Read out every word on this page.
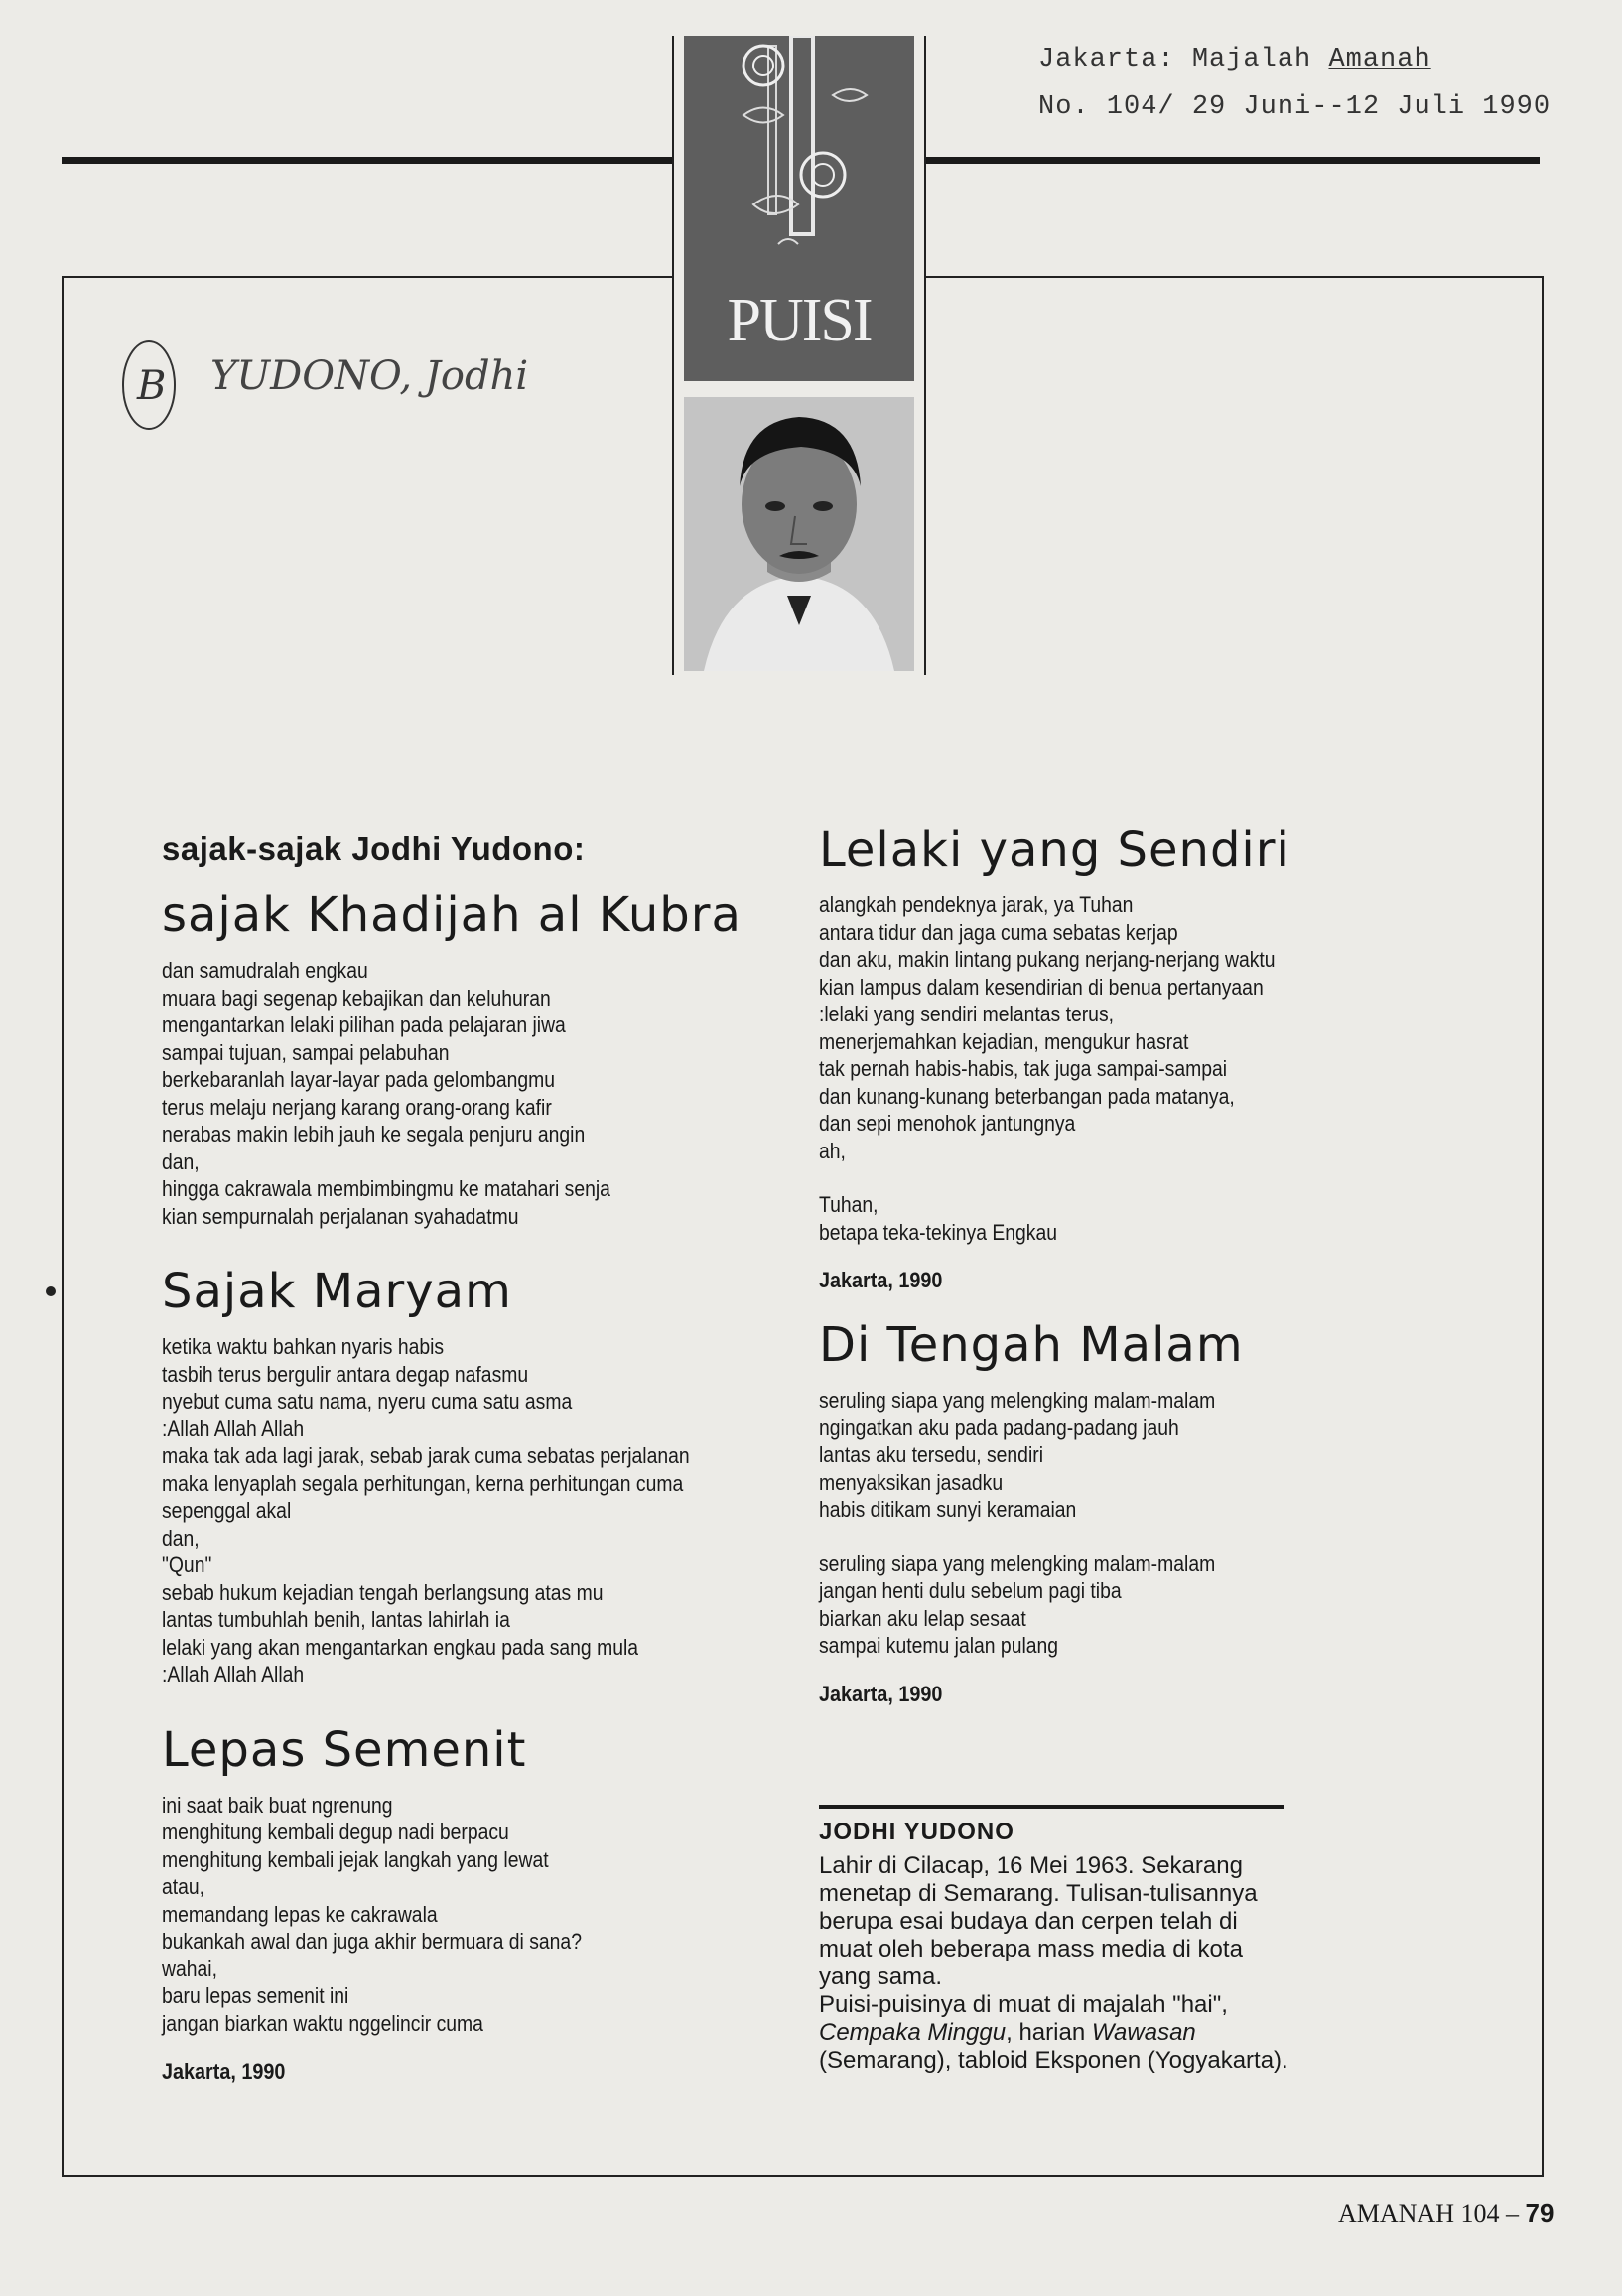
Jakarta: Majalah Amanah
No. 104/ 29 Juni--12 Juli 1990
PUISI
B YUDONO, Jodhi
sajak-sajak Jodhi Yudono:
sajak Khadijah al Kubra
dan samudralah engkau
muara bagi segenap kebajikan dan keluhuran
mengantarkan lelaki pilihan pada pelajaran jiwa
sampai tujuan, sampai pelabuhan
berkebaranlah layar-layar pada gelombangmu
terus melaju nerjang karang orang-orang kafir
nerabas makin lebih jauh ke segala penjuru angin
dan,
hingga cakrawala membimbingmu ke matahari senja
kian sempurnalah perjalanan syahadatmu
Sajak Maryam
ketika waktu bahkan nyaris habis
tasbih terus bergulir antara degap nafasmu
nyebut cuma satu nama, nyeru cuma satu asma
:Allah Allah Allah
maka tak ada lagi jarak, sebab jarak cuma sebatas perjalanan
maka lenyaplah segala perhitungan, kerna perhitungan cuma
sepenggal akal
dan,
"Qun"
sebab hukum kejadian tengah berlangsung atas mu
lantas tumbuhlah benih, lantas lahirlah ia
lelaki yang akan mengantarkan engkau pada sang mula
:Allah Allah Allah
Lepas Semenit
ini saat baik buat ngrenung
menghitung kembali degup nadi berpacu
menghitung kembali jejak langkah yang lewat
atau,
memandang lepas ke cakrawala
bukankah awal dan juga akhir bermuara di sana?
wahai,
baru lepas semenit ini
jangan biarkan waktu nggelincir cuma
Jakarta, 1990
Lelaki yang Sendiri
alangkah pendeknya jarak, ya Tuhan
antara tidur dan jaga cuma sebatas kerjap
dan aku, makin lintang pukang nerjang-nerjang waktu
kian lampus dalam kesendirian di benua pertanyaan
:lelaki yang sendiri melantas terus,
menerjemahkan kejadian, mengukur hasrat
tak pernah habis-habis, tak juga sampai-sampai
dan kunang-kunang beterbangan pada matanya,
dan sepi menohok jantungnya
ah,
Tuhan,
betapa teka-tekinya Engkau
Jakarta, 1990
Di Tengah Malam
seruling siapa yang melengking malam-malam
ngingatkan aku pada padang-padang jauh
lantas aku tersedu, sendiri
menyaksikan jasadku
habis ditikam sunyi keramaian
seruling siapa yang melengking malam-malam
jangan henti dulu sebelum pagi tiba
biarkan aku lelap sesaat
sampai kutemu jalan pulang
Jakarta, 1990
JODHI YUDONO
Lahir di Cilacap, 16 Mei 1963. Sekarang menetap di Semarang. Tulisan-tulisannya berupa esai budaya dan cerpen telah di muat oleh beberapa mass media di kota yang sama.
Puisi-puisinya di muat di majalah "hai", Cempaka Minggu, harian Wawasan (Semarang), tabloid Eksponen (Yogyakarta).
AMANAH 104 – 79
